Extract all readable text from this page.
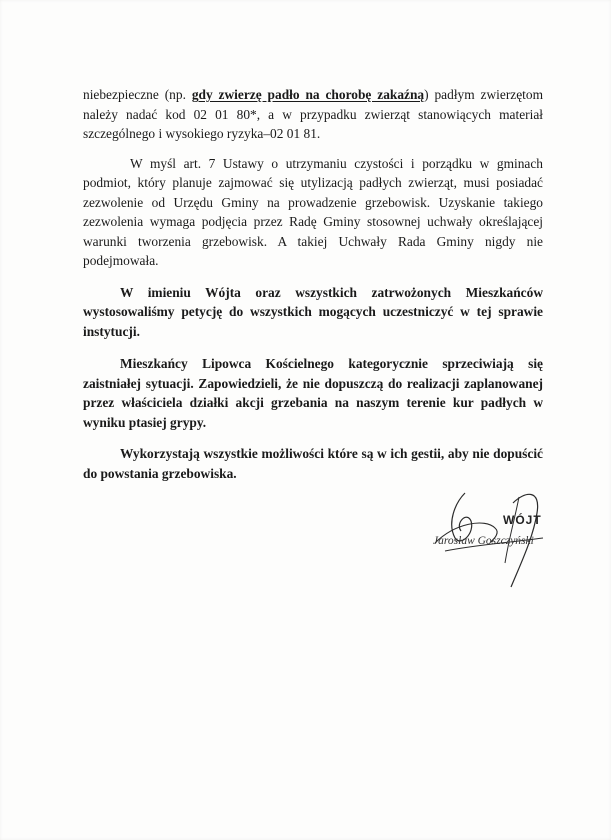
niebezpieczne (np. gdy zwierzę padło na chorobę zakaźną) padłym zwierzętom należy nadać kod 02 01 80*, a w przypadku zwierząt stanowiących materiał szczególnego i wysokiego ryzyka–02 01 81.

W myśl art. 7 Ustawy o utrzymaniu czystości i porządku w gminach podmiot, który planuje zajmować się utylizacją padłych zwierząt, musi posiadać zezwolenie od Urzędu Gminy na prowadzenie grzebowisk. Uzyskanie takiego zezwolenia wymaga podjęcia przez Radę Gminy stosownej uchwały określającej warunki tworzenia grzebowisk. A takiej Uchwały Rada Gminy nigdy nie podejmowała.

W imieniu Wójta oraz wszystkich zatrwożonych Mieszkańców wystosowaliśmy petycję do wszystkich mogących uczestniczyć w tej sprawie instytucji.

Mieszkańcy Lipowca Kościelnego kategorycznie sprzeciwiają się zaistniałej sytuacji. Zapowiedzieli, że nie dopuszczą do realizacji zaplanowanej przez właściciela działki akcji grzebania na naszym terenie kur padłych w wyniku ptasiej grypy.

Wykorzystają wszystkie możliwości które są w ich gestii, aby nie dopuścić do powstania grzebowiska.

WÓJT
Jarosław Goszczyński
